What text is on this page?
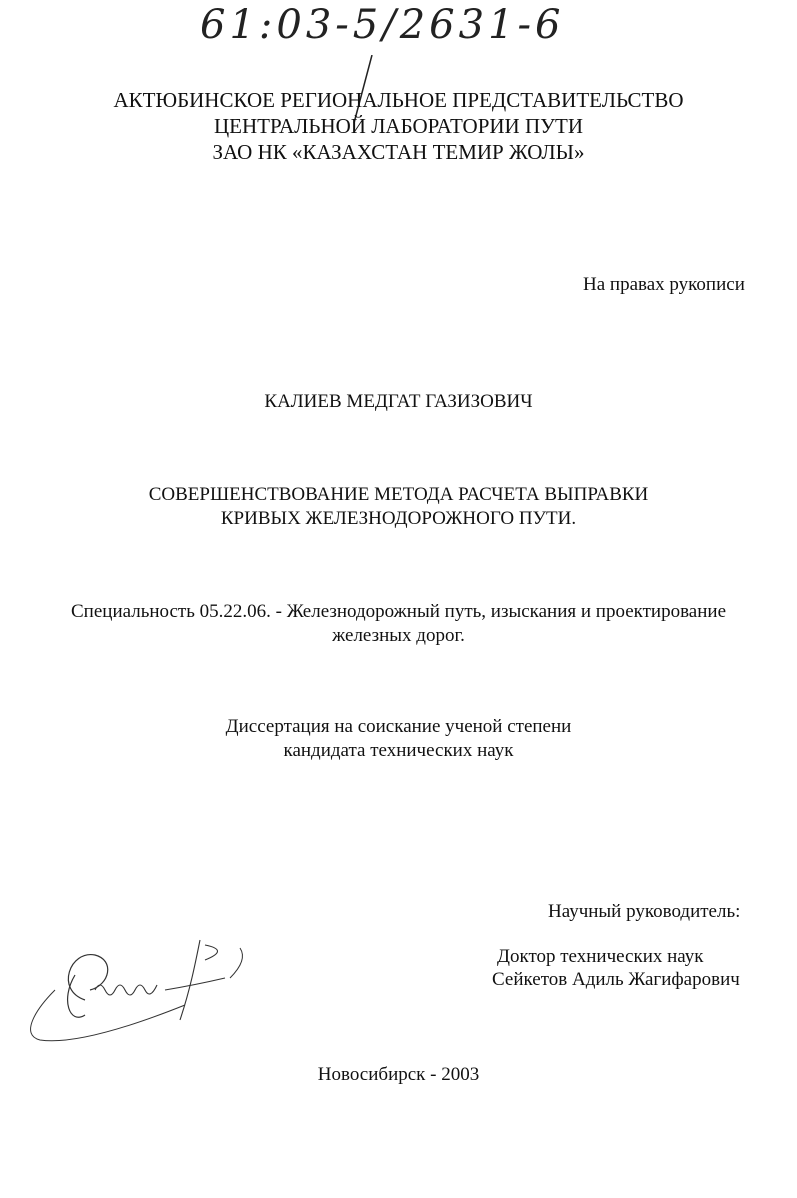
61:03-5/2631-6
АКТЮБИНСКОЕ РЕГИОНАЛЬНОЕ ПРЕДСТАВИТЕЛЬСТВО
ЦЕНТРАЛЬНОЙ ЛАБОРАТОРИИ ПУТИ
ЗАО НК «КАЗАХСТАН ТЕМИР ЖОЛЫ»
На правах рукописи
КАЛИЕВ МЕДГАТ ГАЗИЗОВИЧ
СОВЕРШЕНСТВОВАНИЕ МЕТОДА РАСЧЕТА ВЫПРАВКИ
КРИВЫХ ЖЕЛЕЗНОДОРОЖНОГО ПУТИ.
Специальность 05.22.06. - Железнодорожный путь, изыскания и проектирование
железных дорог.
Диссертация на соискание ученой степени
кандидата технических наук
Научный руководитель:
Доктор технических наук
Сейкетов Адиль Жагифарович
Новосибирск - 2003
